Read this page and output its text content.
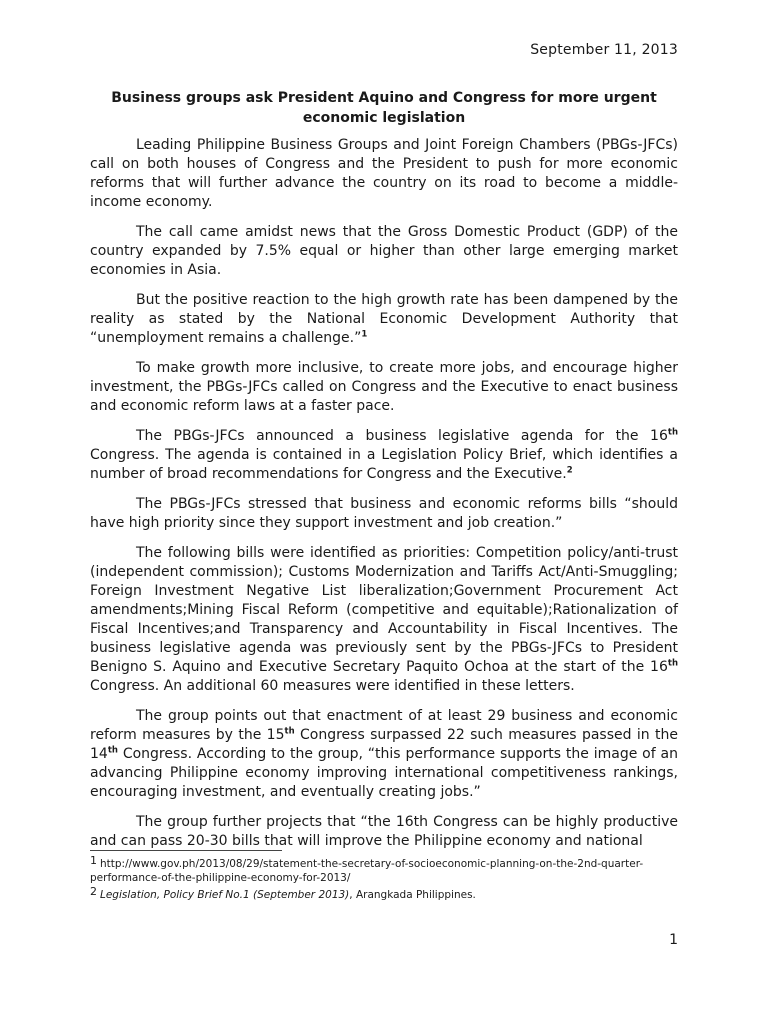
September 11, 2013
Business groups ask President Aquino and Congress for more urgent economic legislation

Leading Philippine Business Groups and Joint Foreign Chambers (PBGs-JFCs) call on both houses of Congress and the President to push for more economic reforms that will further advance the country on its road to become a middle-income economy.

The call came amidst news that the Gross Domestic Product (GDP) of the country expanded by 7.5% equal or higher than other large emerging market economies in Asia.

But the positive reaction to the high growth rate has been dampened by the reality as stated by the National Economic Development Authority that “unemployment remains a challenge.”$^1$

To make growth more inclusive, to create more jobs, and encourage higher investment, the PBGs-JFCs called on Congress and the Executive to enact business and economic reform laws at a faster pace.

The PBGs-JFCs announced a business legislative agenda for the 16th Congress. The agenda is contained in a Legislation Policy Brief, which identifies a number of broad recommendations for Congress and the Executive.$^2$

The PBGs-JFCs stressed that business and economic reforms bills “should have high priority since they support investment and job creation.”

The following bills were identified as priorities: Competition policy/anti-trust (independent commission); Customs Modernization and Tariffs Act/Anti-Smuggling; Foreign Investment Negative List liberalization;Government Procurement Act amendments;Mining Fiscal Reform (competitive and equitable);Rationalization of Fiscal Incentives;and Transparency and Accountability in Fiscal Incentives. The business legislative agenda was previously sent by the PBGs-JFCs to President Benigno S. Aquino and Executive Secretary Paquito Ochoa at the start of the 16th Congress. An additional 60 measures were identified in these letters.

The group points out that enactment of at least 29 business and economic reform measures by the 15th Congress surpassed 22 such measures passed in the 14th Congress. According to the group, “this performance supports the image of an advancing Philippine economy improving international competitiveness rankings, encouraging investment, and eventually creating jobs.”

The group further projects that “the 16th Congress can be highly productive and can pass 20-30 bills that will improve the Philippine economy and national

1 http://www.gov.ph/2013/08/29/statement-the-secretary-of-socioeconomic-planning-on-the-2nd-quarter-performance-of-the-philippine-economy-for-2013/

2 Legislation, Policy Brief No.1 (September 2013), Arangkada Philippines.

1
